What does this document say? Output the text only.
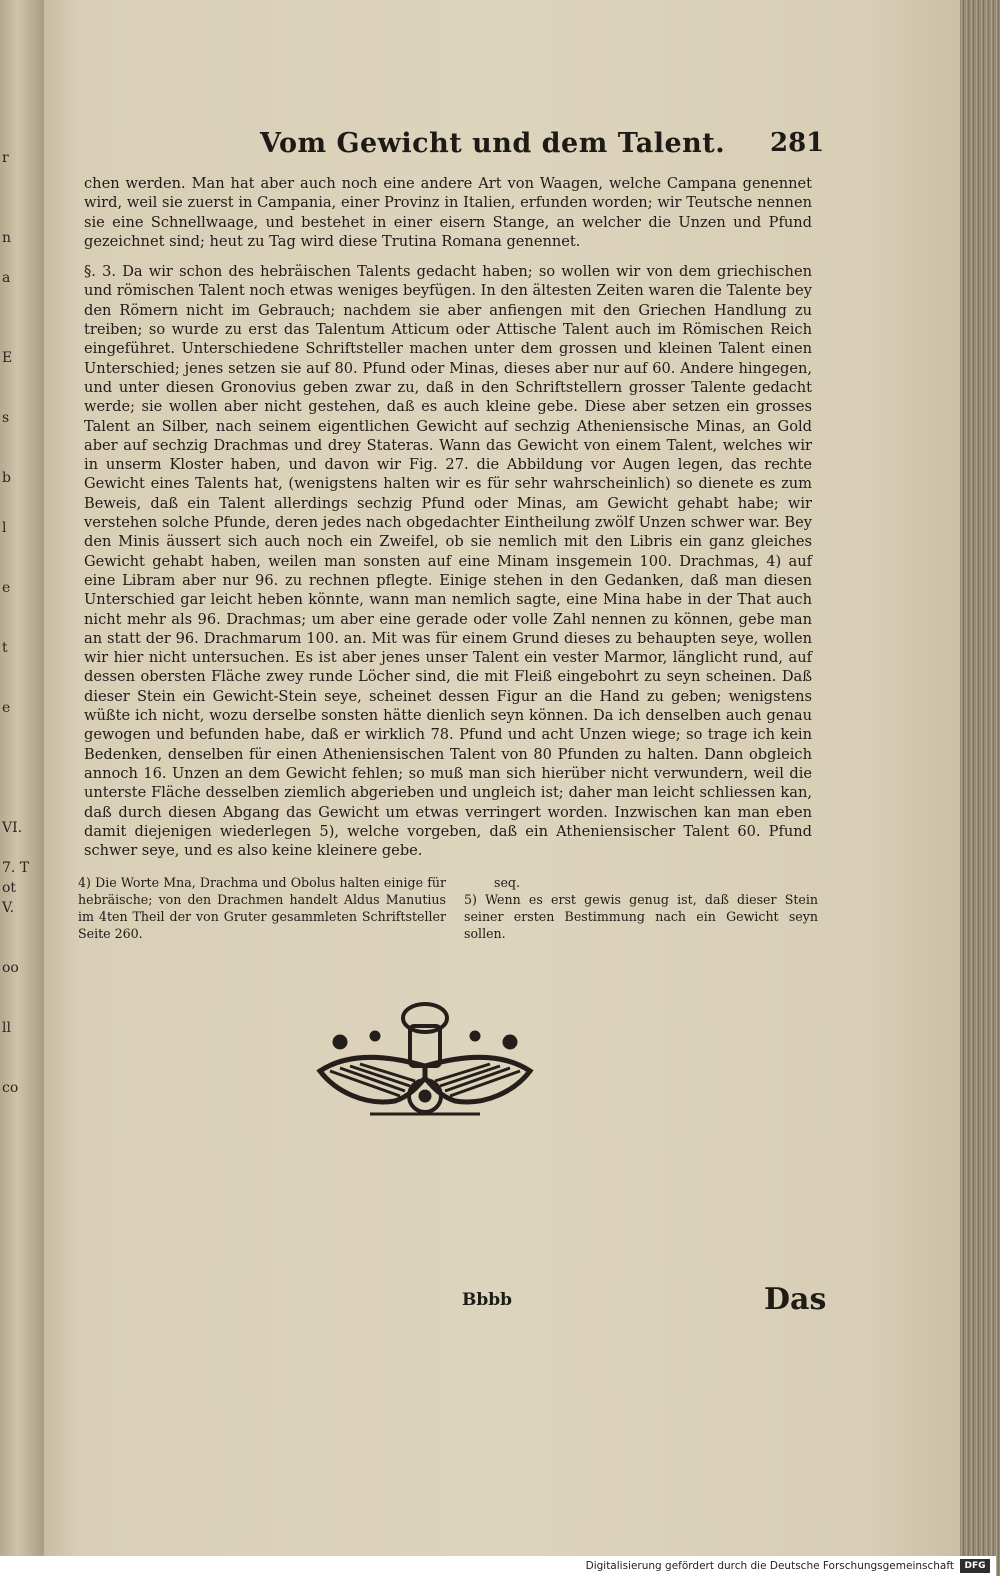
r
n
a
E
s
b
l
e
t
e
VI.
7. T
ot
V.
oo
ll
co
Vom Gewicht und dem Talent.	281

chen werden. Man hat aber auch noch eine andere Art von Waagen, welche Campana genennet wird, weil sie zuerst in Campania, einer Provinz in Italien, erfunden worden; wir Teutsche nennen sie eine Schnellwaage, und bestehet in einer eisern Stange, an welcher die Unzen und Pfund gezeichnet sind; heut zu Tag wird diese Trutina Romana genennet.

§. 3. Da wir schon des hebräischen Talents gedacht haben; so wollen wir von dem griechischen und römischen Talent noch etwas weniges beyfügen. In den ältesten Zeiten waren die Talente bey den Römern nicht im Gebrauch; nachdem sie aber anfiengen mit den Griechen Handlung zu treiben; so wurde zu erst das Talentum Atticum oder Attische Talent auch im Römischen Reich eingeführet. Unterschiedene Schriftsteller machen unter dem grossen und kleinen Talent einen Unterschied; jenes setzen sie auf 80. Pfund oder Minas, dieses aber nur auf 60. Andere hingegen, und unter diesen Gronovius geben zwar zu, daß in den Schriftstellern grosser Talente gedacht werde; sie wollen aber nicht gestehen, daß es auch kleine gebe. Diese aber setzen ein grosses Talent an Silber, nach seinem eigentlichen Gewicht auf sechzig Atheniensische Minas, an Gold aber auf sechzig Drachmas und drey Stateras. Wann das Gewicht von einem Talent, welches wir in unserm Kloster haben, und davon wir Fig. 27. die Abbildung vor Augen legen, das rechte Gewicht eines Talents hat, (wenigstens halten wir es für sehr wahrscheinlich) so dienete es zum Beweis, daß ein Talent allerdings sechzig Pfund oder Minas, am Gewicht gehabt habe; wir verstehen solche Pfunde, deren jedes nach obgedachter Eintheilung zwölf Unzen schwer war. Bey den Minis äussert sich auch noch ein Zweifel, ob sie nemlich mit den Libris ein ganz gleiches Gewicht gehabt haben, weilen man sonsten auf eine Minam insgemein 100. Drachmas, 4) auf eine Libram aber nur 96. zu rechnen pflegte. Einige stehen in den Gedanken, daß man diesen Unterschied gar leicht heben könnte, wann man nemlich sagte, eine Mina habe in der That auch nicht mehr als 96. Drachmas; um aber eine gerade oder volle Zahl nennen zu können, gebe man an statt der 96. Drachmarum 100. an. Mit was für einem Grund dieses zu behaupten seye, wollen wir hier nicht untersuchen. Es ist aber jenes unser Talent ein vester Marmor, länglicht rund, auf dessen obersten Fläche zwey runde Löcher sind, die mit Fleiß eingebohrt zu seyn scheinen. Daß dieser Stein ein Gewicht-Stein seye, scheinet dessen Figur an die Hand zu geben; wenigstens wüßte ich nicht, wozu derselbe sonsten hätte dienlich seyn können. Da ich denselben auch genau gewogen und befunden habe, daß er wirklich 78. Pfund und acht Unzen wiege; so trage ich kein Bedenken, denselben für einen Atheniensischen Talent von 80 Pfunden zu halten. Dann obgleich annoch 16. Unzen an dem Gewicht fehlen; so muß man sich hierüber nicht verwundern, weil die unterste Fläche desselben ziemlich abgerieben und ungleich ist; daher man leicht schliessen kan, daß durch diesen Abgang das Gewicht um etwas verringert worden. Inzwischen kan man eben damit diejenigen wiederlegen 5), welche vorgeben, daß ein Atheniensischer Talent 60. Pfund schwer seye, und es also keine kleinere gebe.

4) Die Worte Mna, Drachma und Obolus halten einige für hebräische; von den Drachmen handelt Aldus Manutius im 4ten Theil der von Gruter gesammleten Schriftsteller Seite 260.
seq.
5) Wenn es erst gewis genug ist, daß dieser Stein seiner ersten Bestimmung nach ein Gewicht seyn sollen.
Bbbb	Das
Digitalisierung gefördert durch die Deutsche Forschungsgemeinschaft	DFG
